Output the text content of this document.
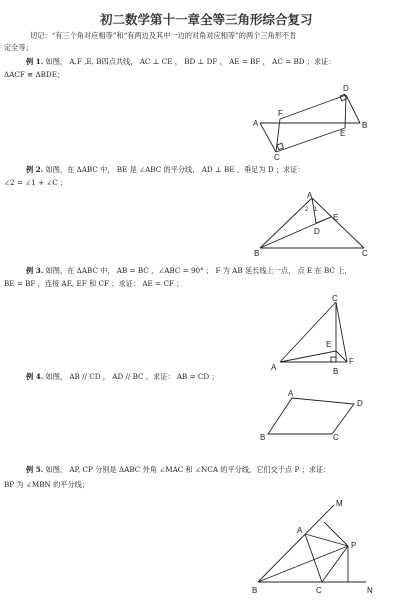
初二数学第十一章全等三角形综合复习
切记：“有三个角对应相等”和“有两边及其中一边的对角对应相等”的两个三角形不肯
定全等；
例 1. 如图， A,F ,E, B四点共线， AC ⊥ CE ， BD ⊥ DF ， AE = BF ， AC = BD ；求证：
ΔACF ≌ ΔBDE；
A	B
C
D
E
F
例 2. 如图，在 ΔABC 中， BE 是 ∠ABC 的平分线， AD ⊥ BE ，垂足为 D ；求证：
∠2 = ∠1 + ∠C ；
A
B	C
D
E
1
2
例 3. 如图，在 ΔABC 中， AB = BC ，∠ABC = 90° ； F 为 AB 延长线上一点， 点 E 在 BC 上，
BE = BF ，连接 AE, EF 和 CF ；求证： AE = CF ；
A	B
C
E
F
例 4. 如图， AB // CD ， AD // BC ，求证： AB = CD ；
A
B	C
D
例 5. 如图， AP, CP 分别是 ΔABC 外角 ∠MAC 和 ∠NCA 的平分线，它们交于点 P ；求证：
BP 为 ∠MBN 的平分线；
A
B	C
M
N
P
